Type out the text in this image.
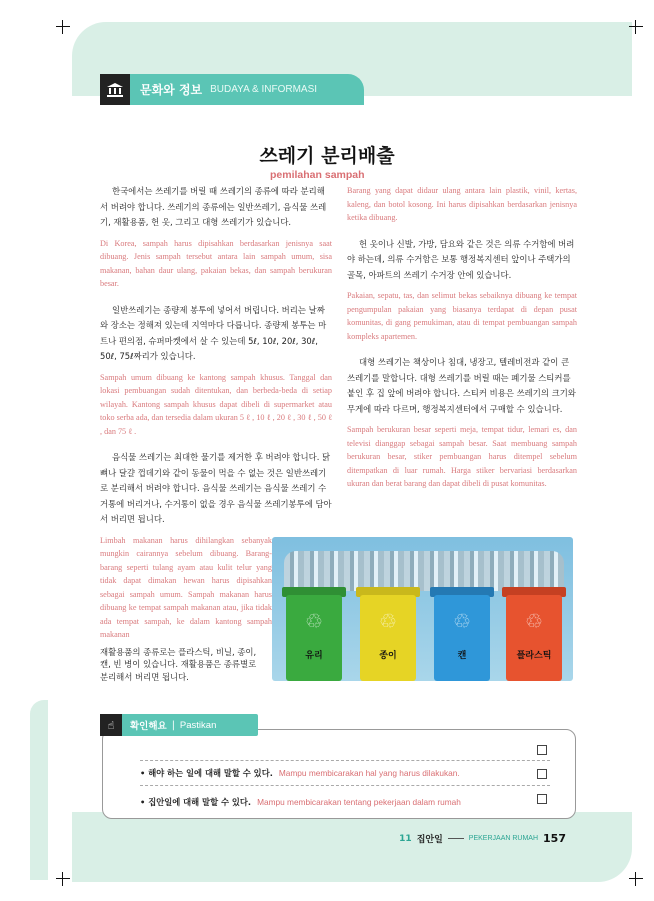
문화와 정보 BUDAYA & INFORMASI
쓰레기 분리배출
pemilahan sampah

한국에서는 쓰레기를 버릴 때 쓰레기의 종류에 따라 분리해서 버려야 합니다. 쓰레기의 종류에는 일반쓰레기, 음식물 쓰레기, 재활용품, 헌 옷, 그리고 대형 쓰레기가 있습니다.

Di Korea, sampah harus dipisahkan berdasarkan jenisnya saat dibuang. Jenis sampah tersebut antara lain sampah umum, sisa makanan, bahan daur ulang, pakaian bekas, dan sampah berukuran besar.

일반쓰레기는 종량제 봉투에 넣어서 버립니다. 버리는 날짜와 장소는 정해져 있는데 지역마다 다릅니다. 종량제 봉투는 마트나 편의점, 슈퍼마켓에서 살 수 있는데 5ℓ, 10ℓ, 20ℓ, 30ℓ, 50ℓ, 75ℓ짜리가 있습니다.

Sampah umum dibuang ke kantong sampah khusus. Tanggal dan lokasi pembuangan sudah ditentukan, dan berbeda-beda di setiap wilayah. Kantong sampah khusus dapat dibeli di supermarket atau toko serba ada, dan tersedia dalam ukuran 5 ℓ , 10 ℓ , 20 ℓ , 30 ℓ , 50 ℓ , dan 75 ℓ .

음식물 쓰레기는 최대한 물기를 제거한 후 버려야 합니다. 닭 뼈나 달걀 껍데기와 같이 동물이 먹을 수 없는 것은 일반쓰레기로 분리해서 버려야 합니다. 음식물 쓰레기는 음식물 쓰레기 수거통에 버리거나, 수거통이 없을 경우 음식물 쓰레기봉투에 담아서 버리면 됩니다.

Limbah makanan harus dihilangkan sebanyak mungkin cairannya sebelum dibuang. Barang-barang seperti tulang ayam atau kulit telur yang tidak dapat dimakan hewan harus dipisahkan sebagai sampah umum. Sampah makanan harus dibuang ke tempat sampah makanan atau, jika tidak ada tempat sampah, ke dalam kantong sampah makanan

재활용품의 종류로는 플라스틱, 비닐, 종이, 캔, 빈 병이 있습니다. 재활용품은 종류별로 분리해서 버리면 됩니다.

Barang yang dapat didaur ulang antara lain plastik, vinil, kertas, kaleng, dan botol kosong. Ini harus dipisahkan berdasarkan jenisnya ketika dibuang.

헌 옷이나 신발, 가방, 담요와 같은 것은 의류 수거함에 버려야 하는데, 의류 수거함은 보통 행정복지센터 앞이나 주택가의 골목, 아파트의 쓰레기 수거장 안에 있습니다.

Pakaian, sepatu, tas, dan selimut bekas sebaiknya dibuang ke tempat pengumpulan pakaian yang biasanya terdapat di depan pusat komunitas, di gang pemukiman, atau di tempat pembuangan sampah kompleks apartemen.

대형 쓰레기는 책상이나 침대, 냉장고, 텔레비전과 같이 큰 쓰레기를 말합니다. 대형 쓰레기를 버릴 때는 폐기물 스티커를 붙인 후 집 앞에 버려야 합니다. 스티커 비용은 쓰레기의 크기와 무게에 따라 다르며, 행정복지센터에서 구매할 수 있습니다.

Sampah berukuran besar seperti meja, tempat tidur, lemari es, dan televisi dianggap sebagai sampah besar. Saat membuang sampah berukuran besar, stiker pembuangan harus ditempel sebelum ditempatkan di luar rumah. Harga stiker bervariasi berdasarkan ukuran dan berat barang dan dapat dibeli di pusat komunitas.

♲
유리
♲
종이
♲
캔
♲
플라스틱
☝	확인해요 | Pastikan
• 해야 하는 일에 대해 말할 수 있다. Mampu membicarakan hal yang harus dilakukan.
• 집안일에 대해 말할 수 있다. Mampu membicarakan tentang pekerjaan dalam rumah
11 집안일	PEKERJAAN RUMAH 157
